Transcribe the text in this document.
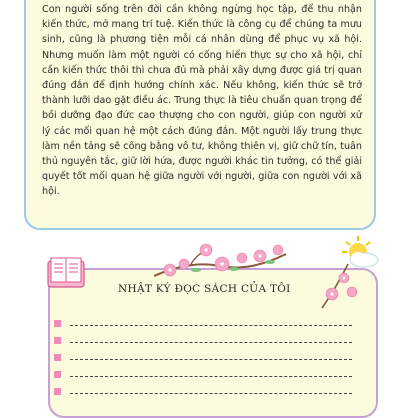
Con người sống trên đời cần không ngừng học tập, để thu nhận kiến thức, mở mang trí tuệ. Kiến thức là công cụ để chúng ta mưu sinh, cũng là phương tiện mỗi cá nhân dùng để phục vụ xã hội. Nhưng muốn làm một người có cống hiến thực sự cho xã hội, chỉ cần kiến thức thôi thì chưa đủ mà phải xây dựng được giá trị quan đúng đắn để định hướng chính xác. Nếu không, kiến thức sẽ trở thành lưỡi dao gặt điều ác. Trung thực là tiêu chuẩn quan trọng để bồi dưỡng đạo đức cao thượng cho con người, giúp con người xử lý các mối quan hệ một cách đúng đắn. Một người lấy trung thực làm nền tảng sẽ công bằng vô tư, không thiên vị, giữ chữ tín, tuân thủ nguyên tắc, giữ lời hứa, được người khác tin tưởng, có thể giải quyết tốt mối quan hệ giữa người với người, giữa con người với xã hội.

NHẬT KÝ ĐỌC SÁCH CỦA TÔI
